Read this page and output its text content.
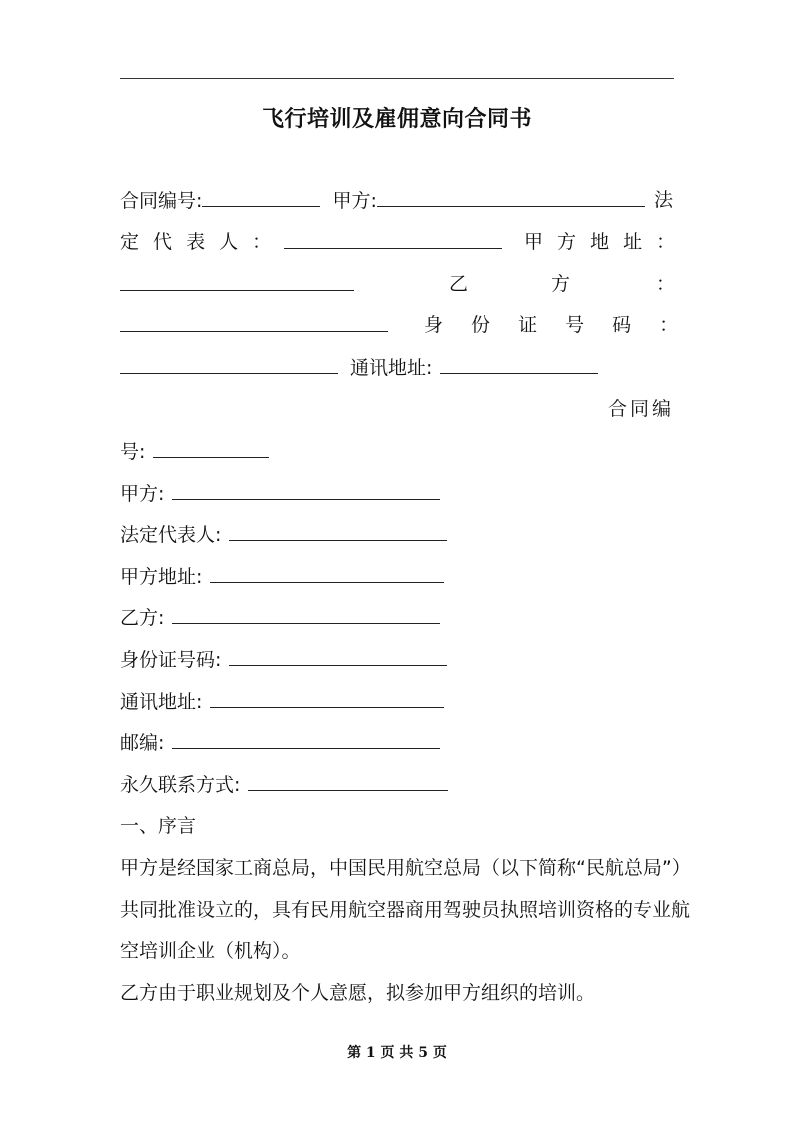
飞行培训及雇佣意向合同书
合同编号:	甲方:	法
定 代 表 人 ：	甲 方 地 址 ：
乙	方	：
身 份 证 号 码 ：
通讯地址:
合同编
号:
甲方:
法定代表人:
甲方地址:
乙方:
身份证号码:
通讯地址:
邮编:
永久联系方式:
一、序言
甲方是经国家工商总局，中国民用航空总局（以下简称“民航总局”）
共同批准设立的，具有民用航空器商用驾驶员执照培训资格的专业航
空培训企业（机构）。
乙方由于职业规划及个人意愿，拟参加甲方组织的培训。
第 1 页 共 5 页
